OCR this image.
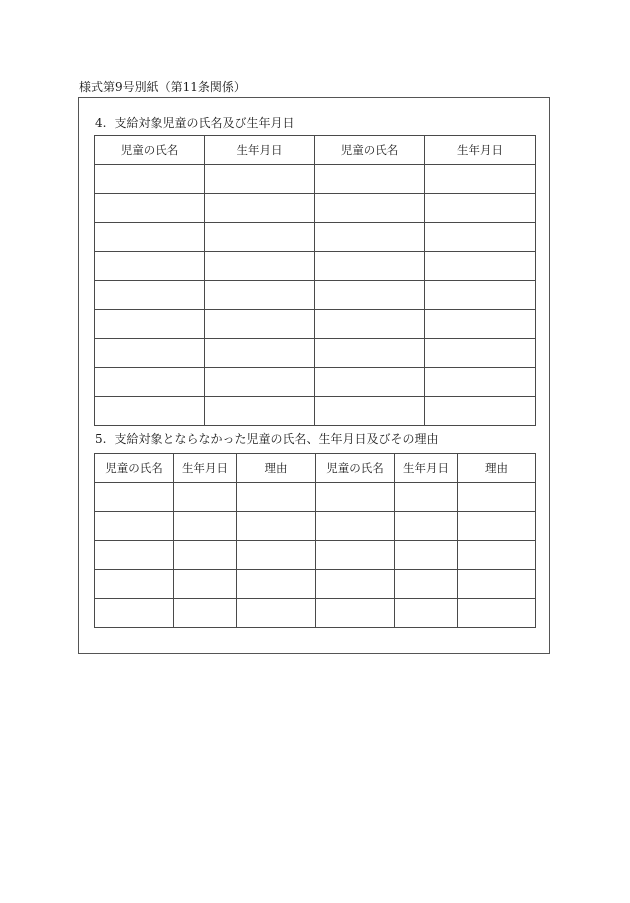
様式第9号別紙（第11条関係）
4. 支給対象児童の氏名及び生年月日
児童の氏名	生年月日	児童の氏名	生年月日

5. 支給対象とならなかった児童の氏名、生年月日及びその理由
児童の氏名	生年月日	理由	児童の氏名	生年月日	理由
